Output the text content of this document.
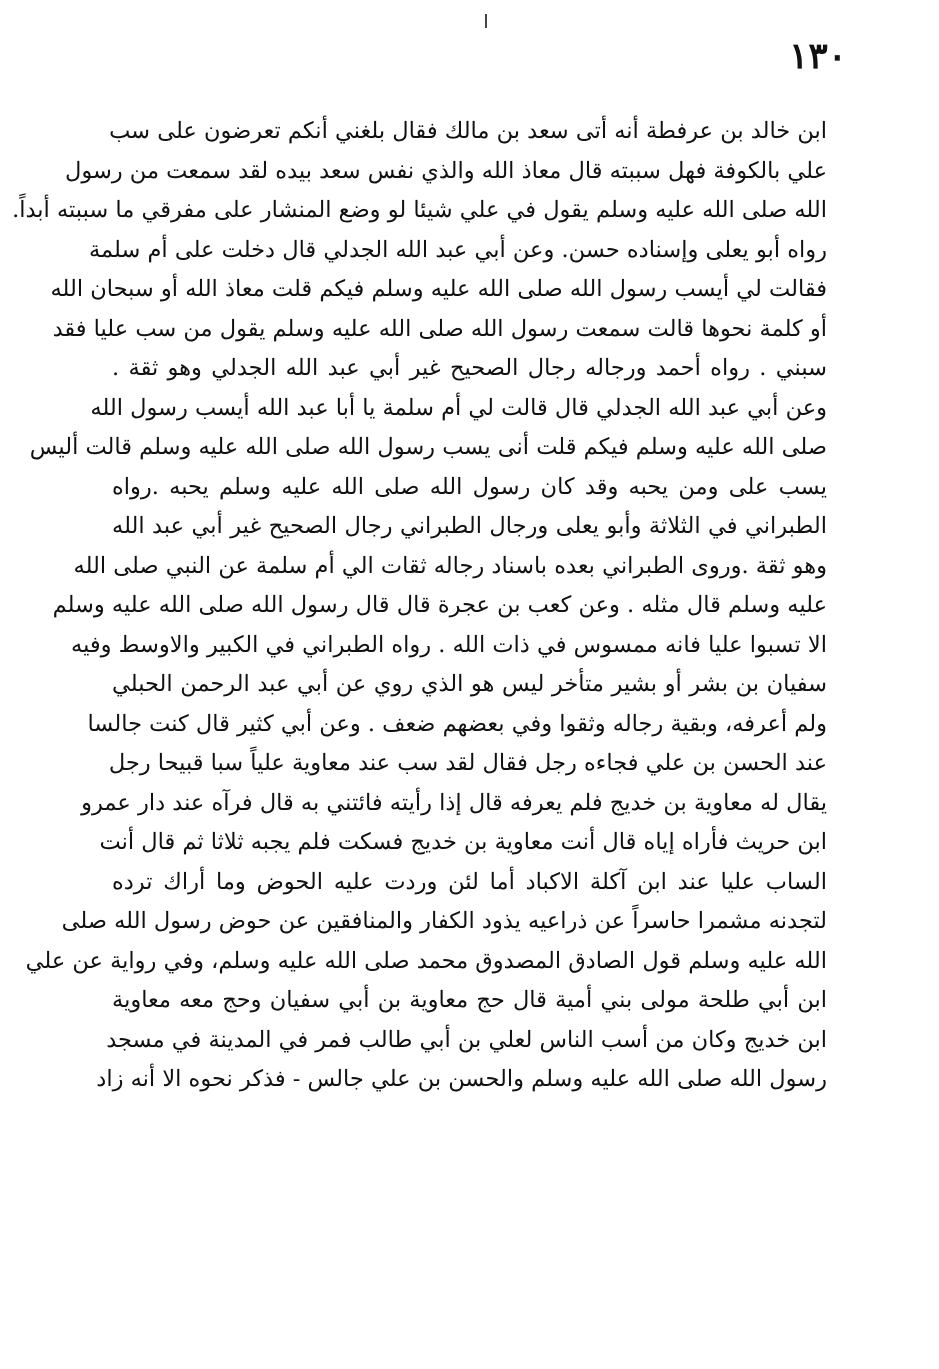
١٣٠
ابن خالد بن عرفطة أنه أتى سعد بن مالك فقال بلغني أنكم تعرضون على سب
علي بالكوفة فهل سببته قال معاذ الله والذي نفس سعد بيده لقد سمعت من رسول
الله صلى الله عليه وسلم يقول في علي شيئا لو وضع المنشار على مفرقي ما سببته أبداً.
رواه أبو يعلى وإسناده حسن. وعن أبي عبد الله الجدلي قال دخلت على أم سلمة
فقالت لي أيسب رسول الله صلى الله عليه وسلم فيكم قلت معاذ الله أو سبحان الله
أو كلمة نحوها قالت سمعت رسول الله صلى الله عليه وسلم يقول من سب عليا فقد
سبني . رواه أحمد ورجاله رجال الصحيح غير أبي عبد الله الجدلي وهو ثقة .
وعن أبي عبد الله الجدلي قال قالت لي أم سلمة يا أبا عبد الله أيسب رسول الله
صلى الله عليه وسلم فيكم قلت أنى يسب رسول الله صلى الله عليه وسلم قالت أليس
يسب على ومن يحبه وقد كان رسول الله صلى الله عليه وسلم يحبه .رواه
الطبراني في الثلاثة وأبو يعلى ورجال الطبراني رجال الصحيح غير أبي عبد الله
وهو ثقة .وروى الطبراني بعده باسناد رجاله ثقات الي أم سلمة عن النبي صلى الله
عليه وسلم قال مثله . وعن كعب بن عجرة قال قال رسول الله صلى الله عليه وسلم
الا تسبوا عليا فانه ممسوس في ذات الله . رواه الطبراني في الكبير والاوسط وفيه
سفيان بن بشر أو بشير متأخر ليس هو الذي روي عن أبي عبد الرحمن الحبلي
ولم أعرفه، وبقية رجاله وثقوا وفي بعضهم ضعف . وعن أبي كثير قال كنت جالسا
عند الحسن بن علي فجاءه رجل فقال لقد سب عند معاوية علياً سبا قبيحا رجل
يقال له معاوية بن خديج فلم يعرفه قال إذا رأيته فائتني به قال فرآه عند دار عمرو
ابن حريث فأراه إياه قال أنت معاوية بن خديج فسكت فلم يجبه ثلاثا ثم قال أنت
الساب عليا عند ابن آكلة الاكباد أما لئن وردت عليه الحوض وما أراك ترده
لتجدنه مشمرا حاسراً عن ذراعيه يذود الكفار والمنافقين عن حوض رسول الله صلى
الله عليه وسلم قول الصادق المصدوق محمد صلى الله عليه وسلم، وفي رواية عن علي
ابن أبي طلحة مولى بني أمية قال حج معاوية بن أبي سفيان وحج معه معاوية
ابن خديج وكان من أسب الناس لعلي بن أبي طالب فمر في المدينة في مسجد
رسول الله صلى الله عليه وسلم والحسن بن علي جالس - فذكر نحوه الا أنه زاد
